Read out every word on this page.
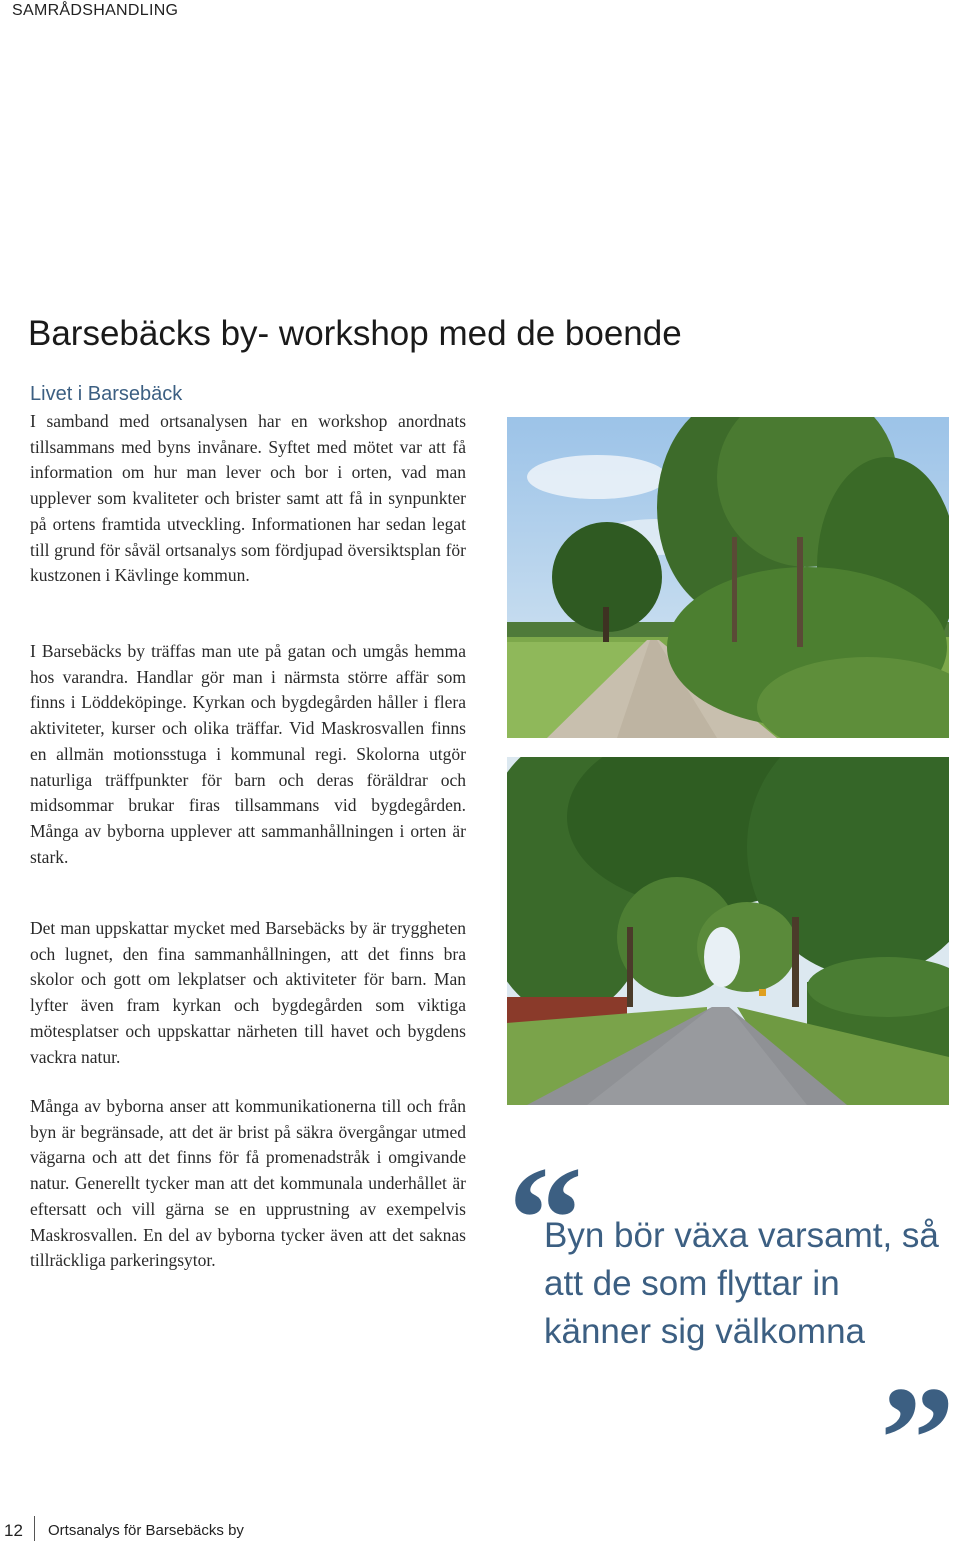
SAMRÅDSHANDLING
Barsebäcks by- workshop med de boende
Livet i Barsebäck

I samband med ortsanalysen har en workshop anordnats tillsammans med byns invånare. Syftet med mötet var att få information om hur man lever och bor i orten, vad man upplever som kvaliteter och brister samt att få in synpunkter på ortens framtida utveckling. Informationen har sedan legat till grund för såväl ortsanalys som fördjupad översiktsplan för kustzonen i Kävlinge kommun.

I Barsebäcks by träffas man ute på gatan och umgås hemma hos varandra. Handlar gör man i närmsta större affär som finns i Löddeköpinge. Kyrkan och bygdegården håller i flera aktiviteter, kurser och olika träffar. Vid Maskrosvallen finns en allmän motionsstuga i kommunal regi. Skolorna utgör naturliga träffpunkter för barn och deras föräldrar och midsommar brukar firas tillsammans vid bygdegården. Många av byborna upplever att sammanhållningen i orten är stark.

Det man uppskattar mycket med Barsebäcks by är tryggheten och lugnet, den fina sammanhållningen, att det finns bra skolor och gott om lekplatser och aktiviteter för barn. Man lyfter även fram kyrkan och bygdegården som viktiga mötesplatser och uppskattar närheten till havet och bygdens vackra natur.

Många av byborna anser att kommunikationerna till och från byn är begränsade, att det är brist på säkra övergångar utmed vägarna och att det finns för få promenadstråk i omgivande natur. Generellt tycker man att det kommunala underhållet är eftersatt och vill gärna se en upprustning av exempelvis Maskrosvallen. En del av byborna tycker även att det saknas tillräckliga parkeringsytor.	“

Byn bör växa varsamt, så att de som flyttar in känner sig välkomna

”
12 Ortsanalys för Barsebäcks by
